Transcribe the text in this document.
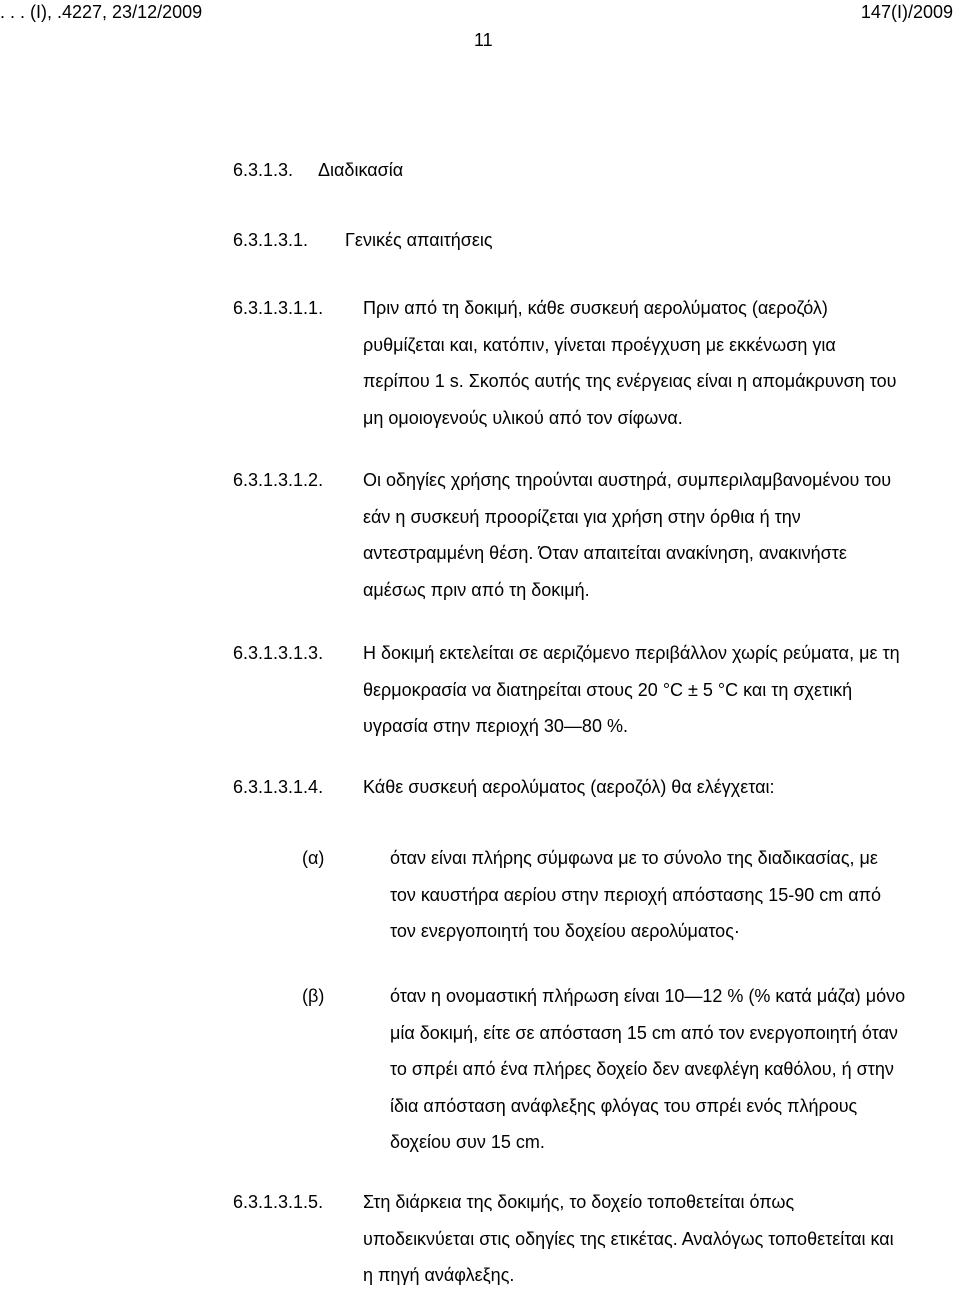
. . . (Ι), .4227, 23/12/2009	147(Ι)/2009
11
6.3.1.3. Διαδικασία
6.3.1.3.1. Γενικές απαιτήσεις
6.3.1.3.1.1. Πριν από τη δοκιμή, κάθε συσκευή αερολύματος (αεροζόλ)
ρυθμίζεται και, κατόπιν, γίνεται προέγχυση με εκκένωση για
περίπου 1 s. Σκοπός αυτής της ενέργειας είναι η απομάκρυνση του
μη ομοιογενούς υλικού από τον σίφωνα.
6.3.1.3.1.2. Οι οδηγίες χρήσης τηρούνται αυστηρά, συμπεριλαμβανομένου του
εάν η συσκευή προορίζεται για χρήση στην όρθια ή την
αντεστραμμένη θέση. Όταν απαιτείται ανακίνηση, ανακινήστε
αμέσως πριν από τη δοκιμή.
6.3.1.3.1.3. Η δοκιμή εκτελείται σε αεριζόμενο περιβάλλον χωρίς ρεύματα, με τη
θερμοκρασία να διατηρείται στους 20 °C ± 5 °C και τη σχετική
υγρασία στην περιοχή 30—80 %.
6.3.1.3.1.4. Κάθε συσκευή αερολύματος (αεροζόλ) θα ελέγχεται:
(α)	όταν είναι πλήρης σύμφωνα με το σύνολο της διαδικασίας, με
τον καυστήρα αερίου στην περιοχή απόστασης 15-90 cm από
τον ενεργοποιητή του δοχείου αερολύματος·
(β)	όταν η ονομαστική πλήρωση είναι 10—12 % (% κατά μάζα) μόνο
μία δοκιμή, είτε σε απόσταση 15 cm από τον ενεργοποιητή όταν
το σπρέι από ένα πλήρες δοχείο δεν ανεφλέγη καθόλου, ή στην
ίδια απόσταση ανάφλεξης φλόγας του σπρέι ενός πλήρους
δοχείου συν 15 cm.
6.3.1.3.1.5. Στη διάρκεια της δοκιμής, το δοχείο τοποθετείται όπως
υποδεικνύεται στις οδηγίες της ετικέτας. Αναλόγως τοποθετείται και
η πηγή ανάφλεξης.
